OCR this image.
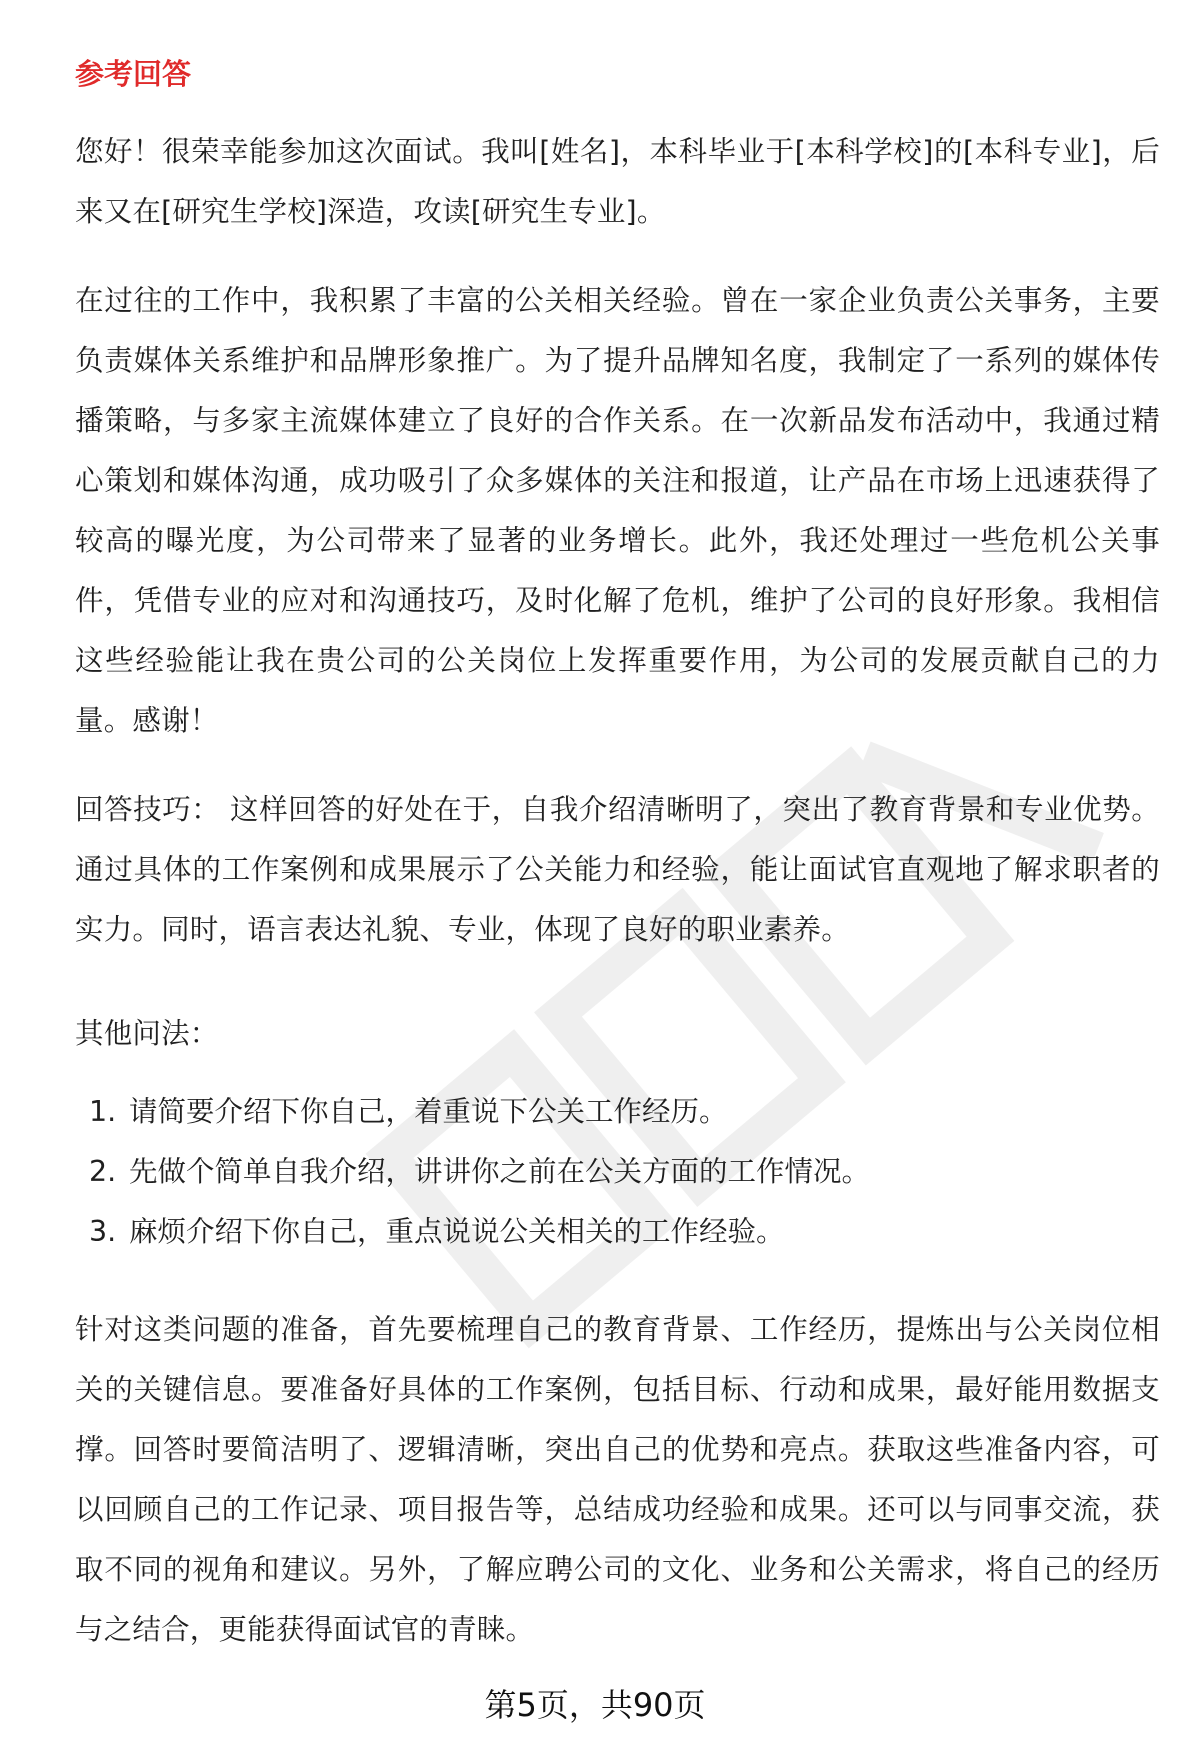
参考回答

您好！很荣幸能参加这次面试。我叫[姓名]，本科毕业于[本科学校]的[本科专业]，后来又在[研究生学校]深造，攻读[研究生专业]。

在过往的工作中，我积累了丰富的公关相关经验。曾在一家企业负责公关事务，主要负责媒体关系维护和品牌形象推广。为了提升品牌知名度，我制定了一系列的媒体传播策略，与多家主流媒体建立了良好的合作关系。在一次新品发布活动中，我通过精心策划和媒体沟通，成功吸引了众多媒体的关注和报道，让产品在市场上迅速获得了较高的曝光度，为公司带来了显著的业务增长。此外，我还处理过一些危机公关事件，凭借专业的应对和沟通技巧，及时化解了危机，维护了公司的良好形象。我相信这些经验能让我在贵公司的公关岗位上发挥重要作用，为公司的发展贡献自己的力量。感谢！

回答技巧： 这样回答的好处在于，自我介绍清晰明了，突出了教育背景和专业优势。通过具体的工作案例和成果展示了公关能力和经验，能让面试官直观地了解求职者的实力。同时，语言表达礼貌、专业，体现了良好的职业素养。

其他问法：

1. 请简要介绍下你自己，着重说下公关工作经历。
2. 先做个简单自我介绍，讲讲你之前在公关方面的工作情况。
3. 麻烦介绍下你自己，重点说说公关相关的工作经验。

针对这类问题的准备，首先要梳理自己的教育背景、工作经历，提炼出与公关岗位相关的关键信息。要准备好具体的工作案例，包括目标、行动和成果，最好能用数据支撑。回答时要简洁明了、逻辑清晰，突出自己的优势和亮点。获取这些准备内容，可以回顾自己的工作记录、项目报告等，总结成功经验和成果。还可以与同事交流，获取不同的视角和建议。另外，了解应聘公司的文化、业务和公关需求，将自己的经历与之结合，更能获得面试官的青睐。

第5页，共90页
